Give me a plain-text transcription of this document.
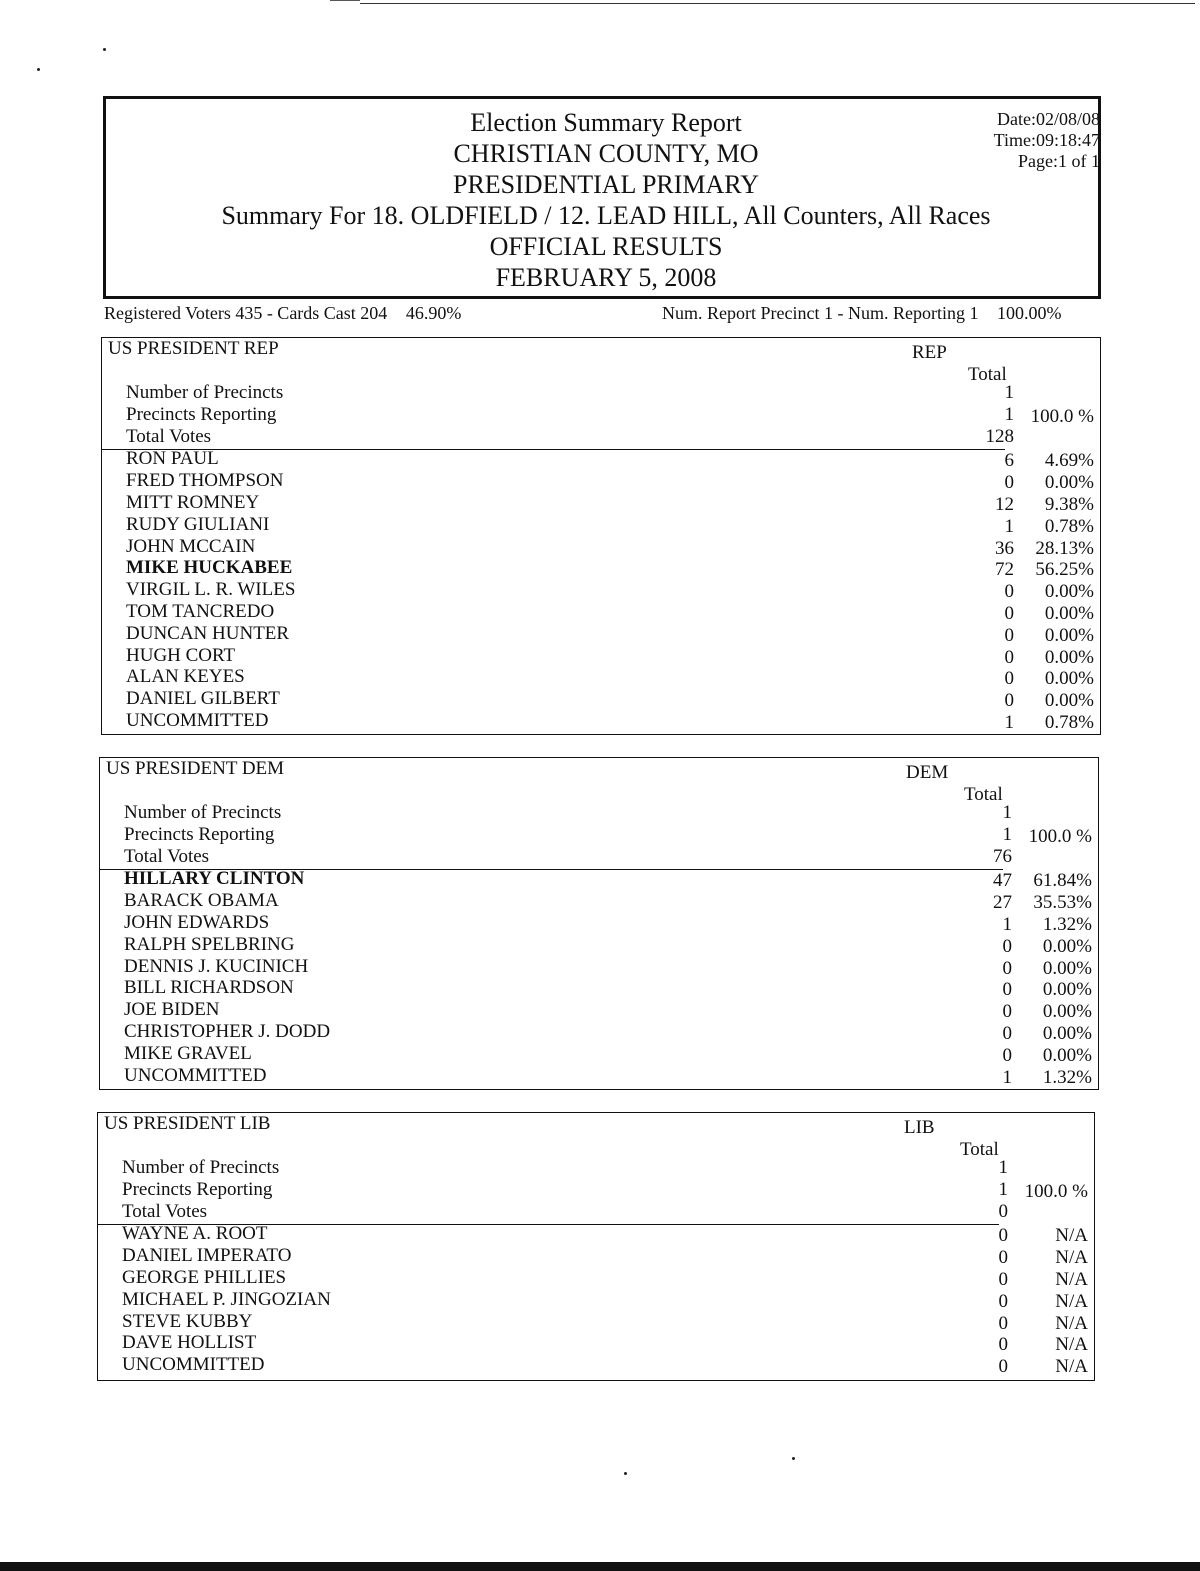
Election Summary Report
CHRISTIAN COUNTY, MO
PRESIDENTIAL PRIMARY
Summary For 18. OLDFIELD / 12. LEAD HILL, All Counters, All Races
OFFICIAL RESULTS
FEBRUARY 5, 2008
Date:02/08/08
Time:09:18:47
Page:1 of 1
Registered Voters 435 - Cards Cast 204 46.90%	Num. Report Precinct 1 - Num. Reporting 1 100.00%
US PRESIDENT REP	REP
Total
Number of Precincts	1
Precincts Reporting	1 100.0 %
Total Votes	128
RON PAUL	6 4.69%
FRED THOMPSON	0 0.00%
MITT ROMNEY	12 9.38%
RUDY GIULIANI	1 0.78%
JOHN MCCAIN	36 28.13%
MIKE HUCKABEE	72 56.25%
VIRGIL L. R. WILES	0 0.00%
TOM TANCREDO	0 0.00%
DUNCAN HUNTER	0 0.00%
HUGH CORT	0 0.00%
ALAN KEYES	0 0.00%
DANIEL GILBERT	0 0.00%
UNCOMMITTED	1 0.78%
US PRESIDENT DEM	DEM
Total
Number of Precincts	1
Precincts Reporting	1 100.0 %
Total Votes	76
HILLARY CLINTON	47 61.84%
BARACK OBAMA	27 35.53%
JOHN EDWARDS	1 1.32%
RALPH SPELBRING	0 0.00%
DENNIS J. KUCINICH	0 0.00%
BILL RICHARDSON	0 0.00%
JOE BIDEN	0 0.00%
CHRISTOPHER J. DODD	0 0.00%
MIKE GRAVEL	0 0.00%
UNCOMMITTED	1 1.32%
US PRESIDENT LIB	LIB
Total
Number of Precincts	1
Precincts Reporting	1 100.0 %
Total Votes	0
WAYNE A. ROOT	0 N/A
DANIEL IMPERATO	0 N/A
GEORGE PHILLIES	0 N/A
MICHAEL P. JINGOZIAN	0 N/A
STEVE KUBBY	0 N/A
DAVE HOLLIST	0 N/A
UNCOMMITTED	0 N/A
